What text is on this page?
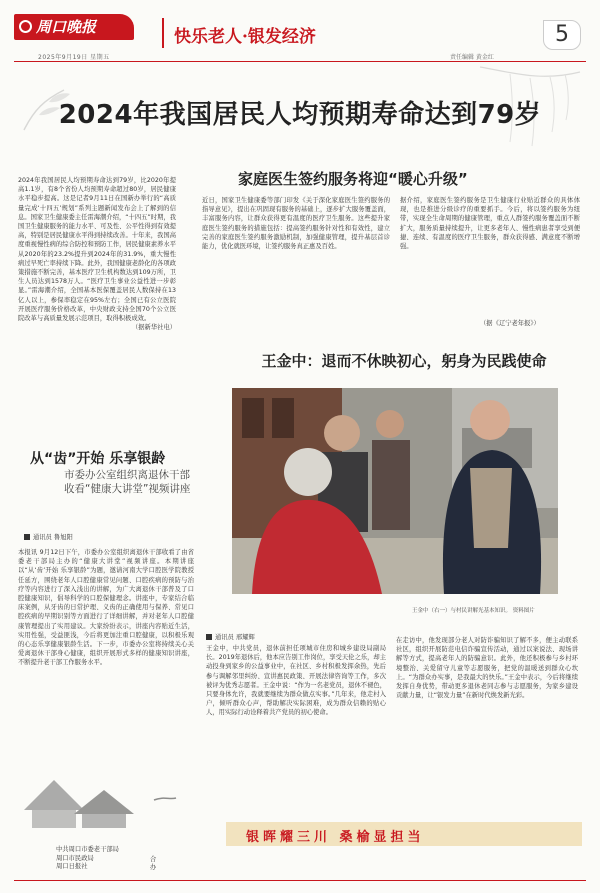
周口晚报
2025年9月19日 星期五
快乐老人·银发经济
责任编辑 黄金红
5
2024年我国居民人均预期寿命达到79岁

2024年我国居民人均预期寿命达到79岁，比2020年提高1.1岁，有8个省份人均预期寿命超过80岁，居民健康水平稳步提高。这是记者9月11日在国新办举行的“高质量完成‘十四五’规划”系列主题新闻发布会上了解到的信息。国家卫生健康委主任雷海潮介绍，“十四五”时期，我国卫生健康服务的能力水平、可及性、公平性得到有效提高，特别是居民健康水平得到持续改善。十年来，我国高度重视慢性病的综合防控和预防工作，居民健康素养水平从2020年的23.2%提升到2024年的31.9%，重大慢性病过早死亡率持续下降。此外，我国健康老龄化的各项政策措施不断完善，基本医疗卫生机构数达到109万所，卫生人员达到1578万人。“医疗卫生事业公益性进一步彰显。”雷海潮介绍，全国基本医保覆盖居民人数保持在13亿人以上，参保率稳定在95%左右；全国已有公立医院开展医疗服务价格改革，中央财政支持全国70个公立医院改革与高质量发展示范项目，取得积极成效。

（据新华社电）

家庭医生签约服务将迎“暖心升级”

近日，国家卫生健康委等部门印发《关于深化家庭医生签约服务的指导意见》，提出在巩固现有服务的基础上，逐步扩大服务覆盖面，丰富服务内容，让群众获得更有温度的医疗卫生服务。这些提升家庭医生签约服务的措施包括：提高签约服务针对性和有效性，建立完善的家庭医生签约服务激励机制，加强健康管理，提升基层首诊能力，优化就医环境，让签约服务真正惠及百姓。

据介绍，家庭医生签约服务是卫生健康行业贴近群众的具体体现，也是推进分级诊疗的重要抓手。今后，将以签约服务为纽带，实现全生命周期的健康管理，重点人群签约服务覆盖面不断扩大，服务质量持续提升，让更多老年人、慢性病患者享受到便捷、连续、有温度的医疗卫生服务，群众获得感、满意度不断增强。

（据《辽宁老年报》）
王金中：退而不休映初心，躬身为民践使命
王金中（右一）与村民讲解光基本知识。 资料图片
通讯员 邢耀辉

王金中，中共党员，退休前担任项城市住房和城乡建设局副局长。2019年退休后，他本应告别工作岗位，享受天伦之乐，却主动投身到家乡的公益事业中，在社区、乡村积极发挥余热，先后参与调解邻里纠纷、宣讲惠民政策、开展法律咨询等工作，多次被评为优秀志愿者。王金中说：“作为一名老党员，退休不褪色，只要身体允许，我就要继续为群众做点实事。”几年来，他走村入户，倾听群众心声，帮助解决实际困难，成为群众信赖的贴心人，用实际行动诠释着共产党员的初心使命。

在走访中，他发现部分老人对防诈骗知识了解不多，便主动联系社区，组织开展防范电信诈骗宣传活动，通过以案说法、现场讲解等方式，提高老年人的防骗意识。此外，他还积极参与乡村环境整治、关爱留守儿童等志愿服务，把党的温暖送到群众心坎上。“为群众办实事，是我最大的快乐。”王金中表示，今后将继续发挥自身优势，带动更多退休老同志参与志愿服务，为家乡建设贡献力量，让“银发力量”在新时代焕发新光彩。

从“齿”开始 乐享银龄
市委办公室组织离退休干部收看“健康大讲堂”视频讲座
通讯员 鲁旭阳

本报讯 9月12日下午，市委办公室组织离退休干部收看了由省委老干部局主办的“健康大讲堂”视频讲座。本期讲座以“从‘齿’开始 乐享银龄”为题，邀请河南大学口腔医学院教授任延方，围绕老年人口腔健康常见问题、口腔疾病的预防与治疗等内容进行了深入浅出的讲解，为广大离退休干部普及了口腔健康知识，倡导科学的口腔保健理念。讲座中，专家结合临床案例，从牙齿的日常护理、义齿的正确使用与保养、常见口腔疾病的早期识别等方面进行了详细讲解，并对老年人口腔健康管理提出了实用建议。大家纷纷表示，讲座内容贴近生活，实用性强，受益匪浅，今后将更加注重口腔健康，以积极乐观的心态乐享健康银龄生活。下一步，市委办公室将持续关心关爱离退休干部身心健康，组织开展形式多样的健康知识讲座，不断提升老干部工作服务水平。

银晖耀三川 桑榆显担当
中共周口市委老干部局
周口市民政局
周口日报社
合办
